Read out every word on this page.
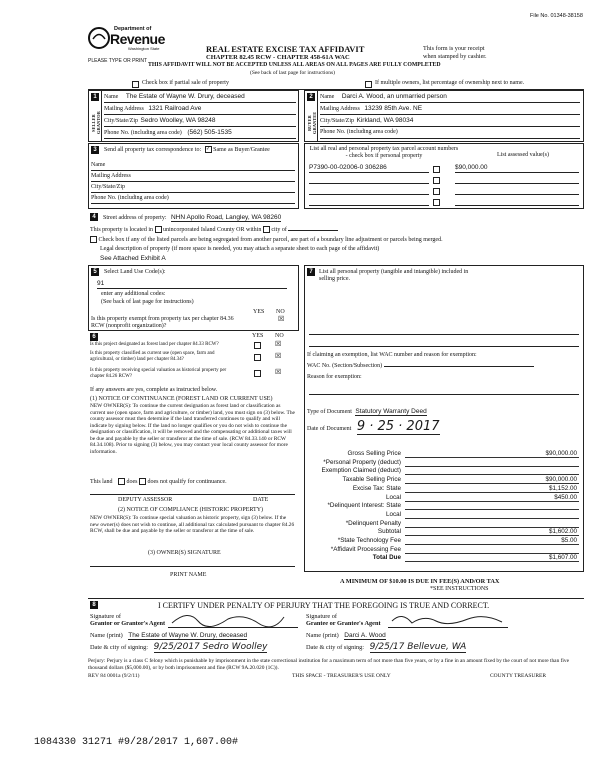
File No. 01348-38158
Department of
Revenue
Washington State
PLEASE TYPE OR PRINT
REAL ESTATE EXCISE TAX AFFIDAVIT
CHAPTER 82.45 RCW - CHAPTER 458-61A WAC
THIS AFFIDAVIT WILL NOT BE ACCEPTED UNLESS ALL AREAS ON ALL PAGES ARE FULLY COMPLETED
(See back of last page for instructions)
This form is your receipt
when stamped by cashier.
Check box if partial sale of property	If multiple owners, list percentage of ownership next to name.
1
SELLER GRANTOR
Name The Estate of Wayne W. Drury, deceased
Mailing Address 1321 Railroad Ave
City/State/Zip Sedro Woolley, WA 98248
Phone No. (including area code) (562) 505-1535
2
BUYER GRANTEE
Name Darci A. Wood, an unmarried person
Mailing Address 13239 85th Ave. NE
City/State/Zip Kirkland, WA 98034
Phone No. (including area code)
3	Send all property tax correspondence to: ✓ Same as Buyer/Grantee
Name
Mailing Address
City/State/Zip
Phone No. (including area code)
List all real and personal property tax parcel account numbers - check box if personal property	List assessed value(s)
P7390-00-02006-0 306286	$90,000.00
4	Street address of property: NHN Apollo Road, Langley, WA 98260
This property is located in unincorporated Island County OR within city of
Check box if any of the listed parcels are being segregated from another parcel, are part of a boundary line adjustment or parcels being merged.
Legal description of property (if more space is needed, you may attach a separate sheet to each page of the affidavit)
See Attached Exhibit A
5	Select Land Use Code(s):
91
enter any additional codes:
(See back of last page for instructions)
YES NO
Is this property exempt from property tax per chapter 84.36 RCW (nonprofit organization)?
☒
6	YES NO
Is this project designated as forest land per chapter 84.33 RCW?	☒
Is this property classified as current use (open space, farm and agricultural, or timber) land per chapter 84.34?	☒
Is this property receiving special valuation as historical property per chapter 84.26 RCW?
☒
If any answers are yes, complete as instructed below.
(1) NOTICE OF CONTINUANCE (FOREST LAND OR CURRENT USE)
NEW OWNER(S): To continue the current designation as forest land or classification as current use (open space, farm and agriculture, or timber) land, you must sign on (3) below. The county assessor must then determine if the land transferred continues to qualify and will indicate by signing below. If the land no longer qualifies or you do not wish to continue the designation or classification, it will be removed and the compensating or additional taxes will be due and payable by the seller or transferor at the time of sale. (RCW 84.33.140 or RCW 84.34.108). Prior to signing (3) below, you may contact your local county assessor for more information.
This land does does not qualify for continuance.
DEPUTY ASSESSOR	DATE
(2) NOTICE OF COMPLIANCE (HISTORIC PROPERTY)
NEW OWNER(S): To continue special valuation as historic property, sign (3) below. If the new owner(s) does not wish to continue, all additional tax calculated pursuant to chapter 84.26 RCW, shall be due and payable by the seller or transferor at the time of sale.
(3) OWNER(S) SIGNATURE
PRINT NAME
7	List all personal property (tangible and intangible) included in selling price.
If claiming an exemption, list WAC number and reason for exemption:
WAC No. (Section/Subsection)
Reason for exemption:
Type of Document Statutory Warranty Deed
Date of Document 9 · 25 · 2017
Gross Selling Price	$90,000.00
*Personal Property (deduct)
Exemption Claimed (deduct)
Taxable Selling Price	$90,000.00
Excise Tax: State	$1,152.00
Local	$450.00
*Delinquent Interest: State
Local
*Delinquent Penalty
Subtotal	$1,602.00
*State Technology Fee	$5.00
*Affidavit Processing Fee
Total Due	$1,607.00
A MINIMUM OF $10.00 IS DUE IN FEE(S) AND/OR TAX
*SEE INSTRUCTIONS
8	I CERTIFY UNDER PENALTY OF PERJURY THAT THE FOREGOING IS TRUE AND CORRECT.
Signature of
Grantor or Grantor's Agent
Signature of
Grantee or Grantee's Agent
Name (print) The Estate of Wayne W. Drury, deceased	Name (print) Darci A. Wood
Date & city of signing: 9/25/2017 Sedro Woolley	Date & city of signing: 9/25/17 Bellevue, WA
Perjury: Perjury is a class C felony which is punishable by imprisonment in the state correctional institution for a maximum term of not more than five years, or by a fine in an amount fixed by the court of not more than five thousand dollars ($5,000.00), or by both imprisonment and fine (RCW 9A.20.020 (1C)).
REV 84 0001a (9/2/11)	THIS SPACE - TREASURER'S USE ONLY	COUNTY TREASURER
1084330 31271 #9/28/2017 1,607.00#
